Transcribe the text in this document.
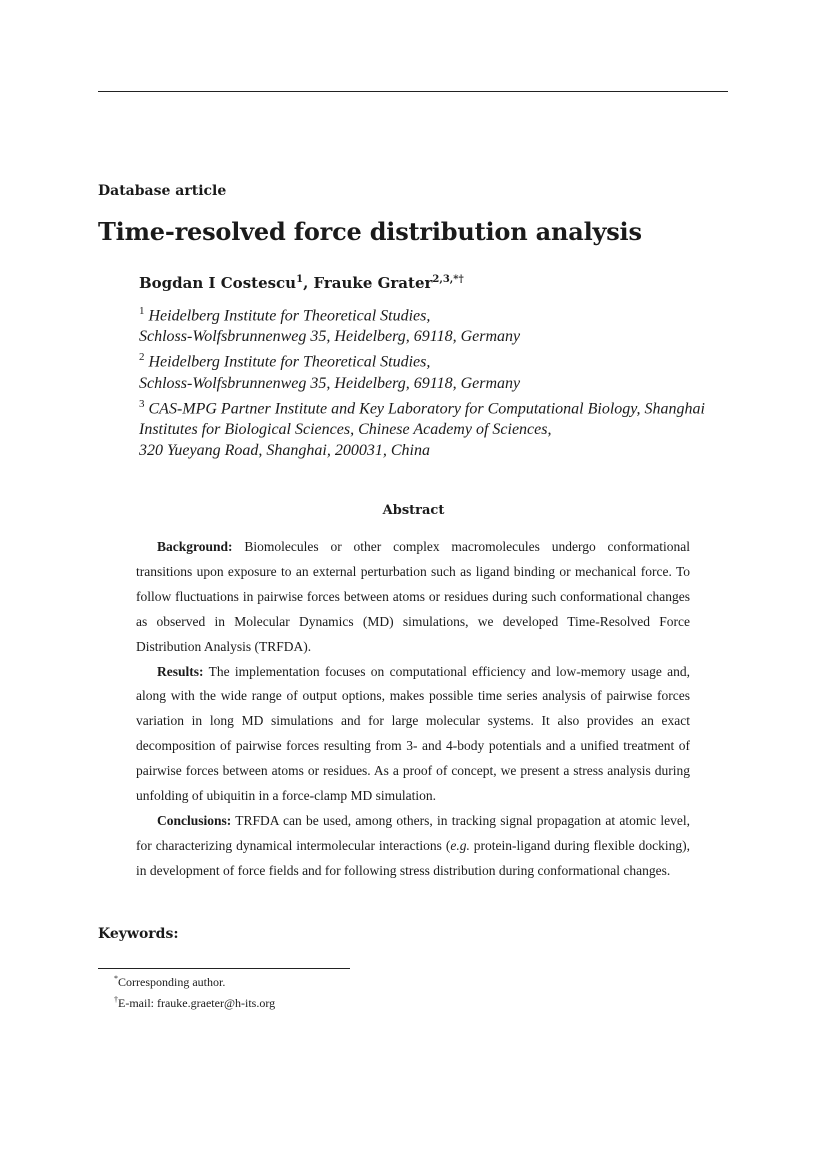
Database article
Time-resolved force distribution analysis
Bogdan I Costescu$^1$, Frauke Grater$^{2,3,*\dagger}$
$^1$ Heidelberg Institute for Theoretical Studies,
Schloss-Wolfsbrunnenweg 35, Heidelberg, 69118, Germany
$^2$ Heidelberg Institute for Theoretical Studies,
Schloss-Wolfsbrunnenweg 35, Heidelberg, 69118, Germany
$^3$ CAS-MPG Partner Institute and Key Laboratory for Computational Biology, Shanghai
Institutes for Biological Sciences, Chinese Academy of Sciences,
320 Yueyang Road, Shanghai, 200031, China
Abstract

Background: Biomolecules or other complex macromolecules undergo conformational transitions upon exposure to an external perturbation such as ligand binding or mechanical force. To follow fluctuations in pairwise forces between atoms or residues during such conformational changes as observed in Molecular Dynamics (MD) simulations, we developed Time-Resolved Force Distribution Analysis (TRFDA).

Results: The implementation focuses on computational efficiency and low-memory usage and, along with the wide range of output options, makes possible time series analysis of pairwise forces variation in long MD simulations and for large molecular systems. It also provides an exact decomposition of pairwise forces resulting from 3- and 4-body potentials and a unified treatment of pairwise forces between atoms or residues. As a proof of concept, we present a stress analysis during unfolding of ubiquitin in a force-clamp MD simulation.

Conclusions: TRFDA can be used, among others, in tracking signal propagation at atomic level, for characterizing dynamical intermolecular interactions (e.g. protein-ligand during flexible docking), in development of force fields and for following stress distribution during conformational changes.

Keywords:
*Corresponding author.
†E-mail: frauke.graeter@h-its.org
